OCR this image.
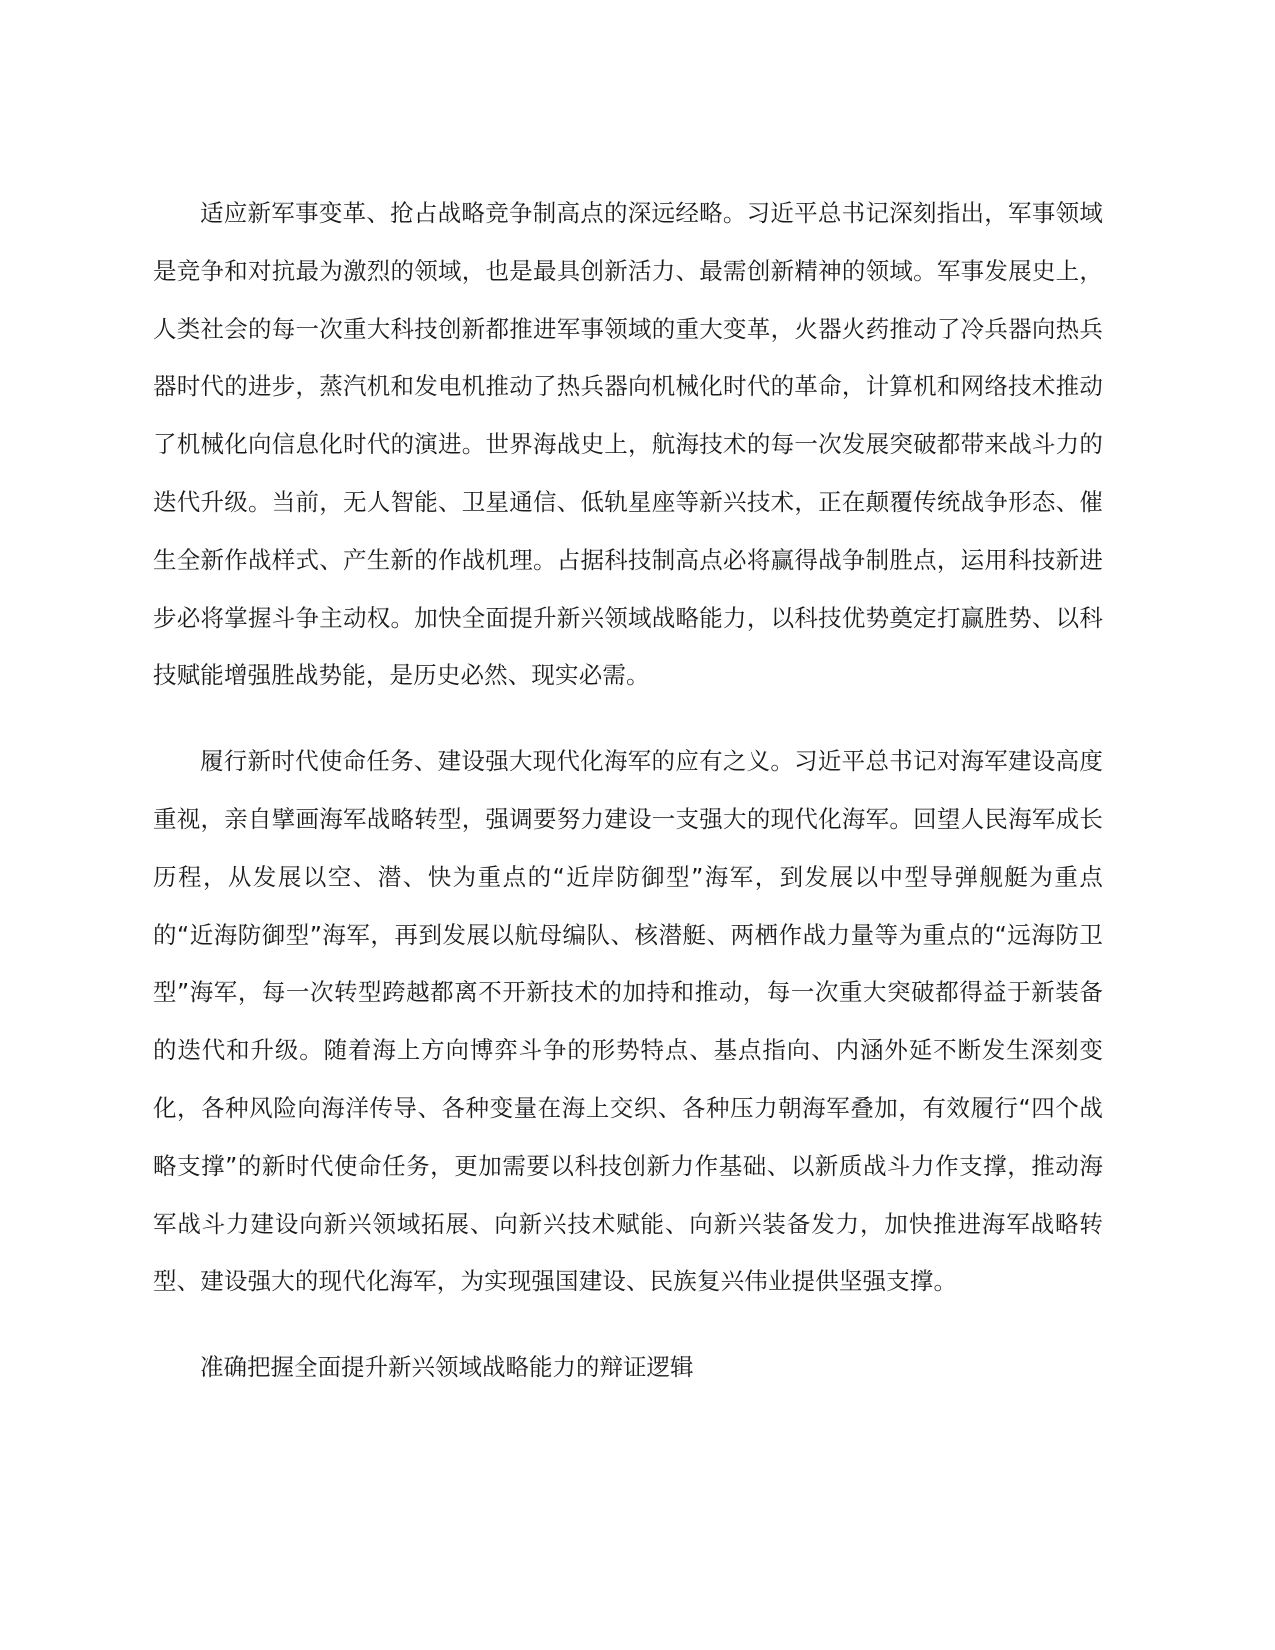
适应新军事变革、抢占战略竞争制高点的深远经略。习近平总书记深刻指出，军事领域是竞争和对抗最为激烈的领域，也是最具创新活力、最需创新精神的领域。军事发展史上，人类社会的每一次重大科技创新都推进军事领域的重大变革，火器火药推动了冷兵器向热兵器时代的进步，蒸汽机和发电机推动了热兵器向机械化时代的革命，计算机和网络技术推动了机械化向信息化时代的演进。世界海战史上，航海技术的每一次发展突破都带来战斗力的迭代升级。当前，无人智能、卫星通信、低轨星座等新兴技术，正在颠覆传统战争形态、催生全新作战样式、产生新的作战机理。占据科技制高点必将赢得战争制胜点，运用科技新进步必将掌握斗争主动权。加快全面提升新兴领域战略能力，以科技优势奠定打赢胜势、以科技赋能增强胜战势能，是历史必然、现实必需。

履行新时代使命任务、建设强大现代化海军的应有之义。习近平总书记对海军建设高度重视，亲自擘画海军战略转型，强调要努力建设一支强大的现代化海军。回望人民海军成长历程，从发展以空、潜、快为重点的“近岸防御型”海军，到发展以中型导弹舰艇为重点的“近海防御型”海军，再到发展以航母编队、核潜艇、两栖作战力量等为重点的“远海防卫型”海军，每一次转型跨越都离不开新技术的加持和推动，每一次重大突破都得益于新装备的迭代和升级。随着海上方向博弈斗争的形势特点、基点指向、内涵外延不断发生深刻变化，各种风险向海洋传导、各种变量在海上交织、各种压力朝海军叠加，有效履行“四个战略支撑”的新时代使命任务，更加需要以科技创新力作基础、以新质战斗力作支撑，推动海军战斗力建设向新兴领域拓展、向新兴技术赋能、向新兴装备发力，加快推进海军战略转型、建设强大的现代化海军，为实现强国建设、民族复兴伟业提供坚强支撑。

准确把握全面提升新兴领域战略能力的辩证逻辑
